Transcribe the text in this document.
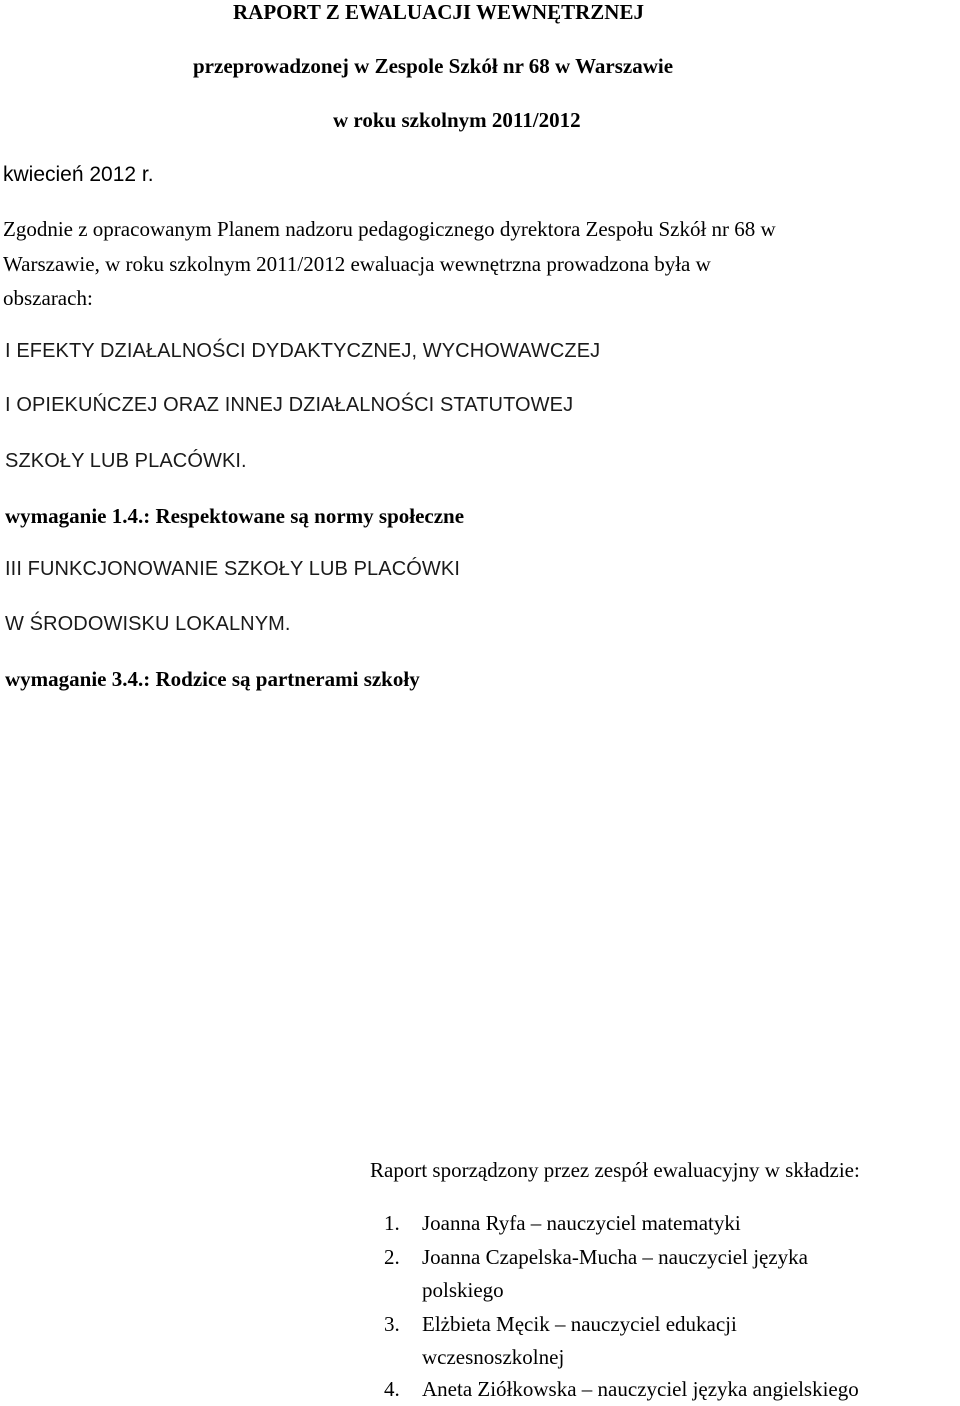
RAPORT Z EWALUACJI WEWNĘTRZNEJ
przeprowadzonej w Zespole Szkół nr 68 w Warszawie
w roku szkolnym 2011/2012
kwiecień 2012 r.
Zgodnie z opracowanym Planem nadzoru pedagogicznego dyrektora Zespołu Szkół nr 68 w
Warszawie, w roku szkolnym 2011/2012 ewaluacja wewnętrzna prowadzona była w
obszarach:
I EFEKTY DZIAŁALNOŚCI DYDAKTYCZNEJ, WYCHOWAWCZEJ
I OPIEKUŃCZEJ ORAZ INNEJ DZIAŁALNOŚCI STATUTOWEJ
SZKOŁY LUB PLACÓWKI.
wymaganie 1.4.: Respektowane są normy społeczne
III FUNKCJONOWANIE SZKOŁY LUB PLACÓWKI
W ŚRODOWISKU LOKALNYM.
wymaganie 3.4.: Rodzice są partnerami szkoły
Raport sporządzony przez zespół ewaluacyjny w składzie:
1. Joanna Ryfa – nauczyciel matematyki
2. Joanna Czapelska-Mucha – nauczyciel języka
polskiego
3. Elżbieta Męcik – nauczyciel edukacji
wczesnoszkolnej
4. Aneta Ziółkowska – nauczyciel języka angielskiego
